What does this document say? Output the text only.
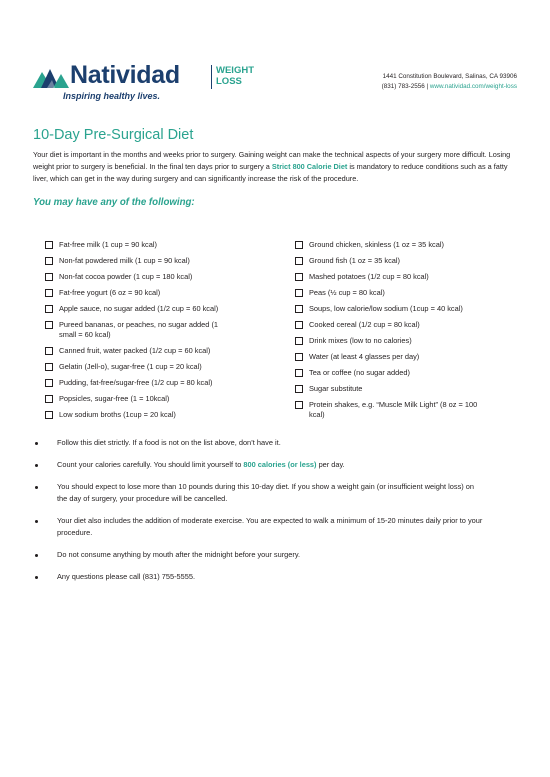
Natividad	WEIGHT
LOSS
Inspiring healthy lives.
1441 Constitution Boulevard, Salinas, CA 93906
(831) 783-2556 | www.natividad.com/weight-loss
10-Day Pre-Surgical Diet

Your diet is important in the months and weeks prior to surgery. Gaining weight can make the technical aspects of your surgery more difficult. Losing weight prior to surgery is beneficial. In the final ten days prior to surgery a Strict 800 Calorie Diet is mandatory to reduce conditions such as a fatty liver, which can get in the way during surgery and can significantly increase the risk of the procedure.

You may have any of the following:
Fat-free milk (1 cup = 90 kcal)
Non-fat powdered milk (1 cup = 90 kcal)
Non-fat cocoa powder (1 cup = 180 kcal)
Fat-free yogurt (6 oz = 90 kcal)
Apple sauce, no sugar added (1/2 cup = 60 kcal)
Pureed bananas, or peaches, no sugar added (1 small = 60 kcal)
Canned fruit, water packed (1/2 cup = 60 kcal)
Gelatin (Jell-o), sugar-free (1 cup = 20 kcal)
Pudding, fat-free/sugar-free (1/2 cup = 80 kcal)
Popsicles, sugar-free (1 = 10kcal)
Low sodium broths (1cup = 20 kcal)
Ground chicken, skinless (1 oz = 35 kcal)
Ground fish (1 oz = 35 kcal)
Mashed potatoes (1/2 cup = 80 kcal)
Peas (½ cup = 80 kcal)
Soups, low calorie/low sodium (1cup = 40 kcal)
Cooked cereal (1/2 cup = 80 kcal)
Drink mixes (low to no calories)
Water (at least 4 glasses per day)
Tea or coffee (no sugar added)
Sugar substitute
Protein shakes, e.g. “Muscle Milk Light” (8 oz = 100 kcal)
Follow this diet strictly. If a food is not on the list above, don’t have it.
Count your calories carefully. You should limit yourself to 800 calories (or less) per day.
You should expect to lose more than 10 pounds during this 10-day diet. If you show a weight gain (or insufficient weight loss) on the day of surgery, your procedure will be cancelled.
Your diet also includes the addition of moderate exercise. You are expected to walk a minimum of 15-20 minutes daily prior to your procedure.
Do not consume anything by mouth after the midnight before your surgery.
Any questions please call (831) 755-5555.
